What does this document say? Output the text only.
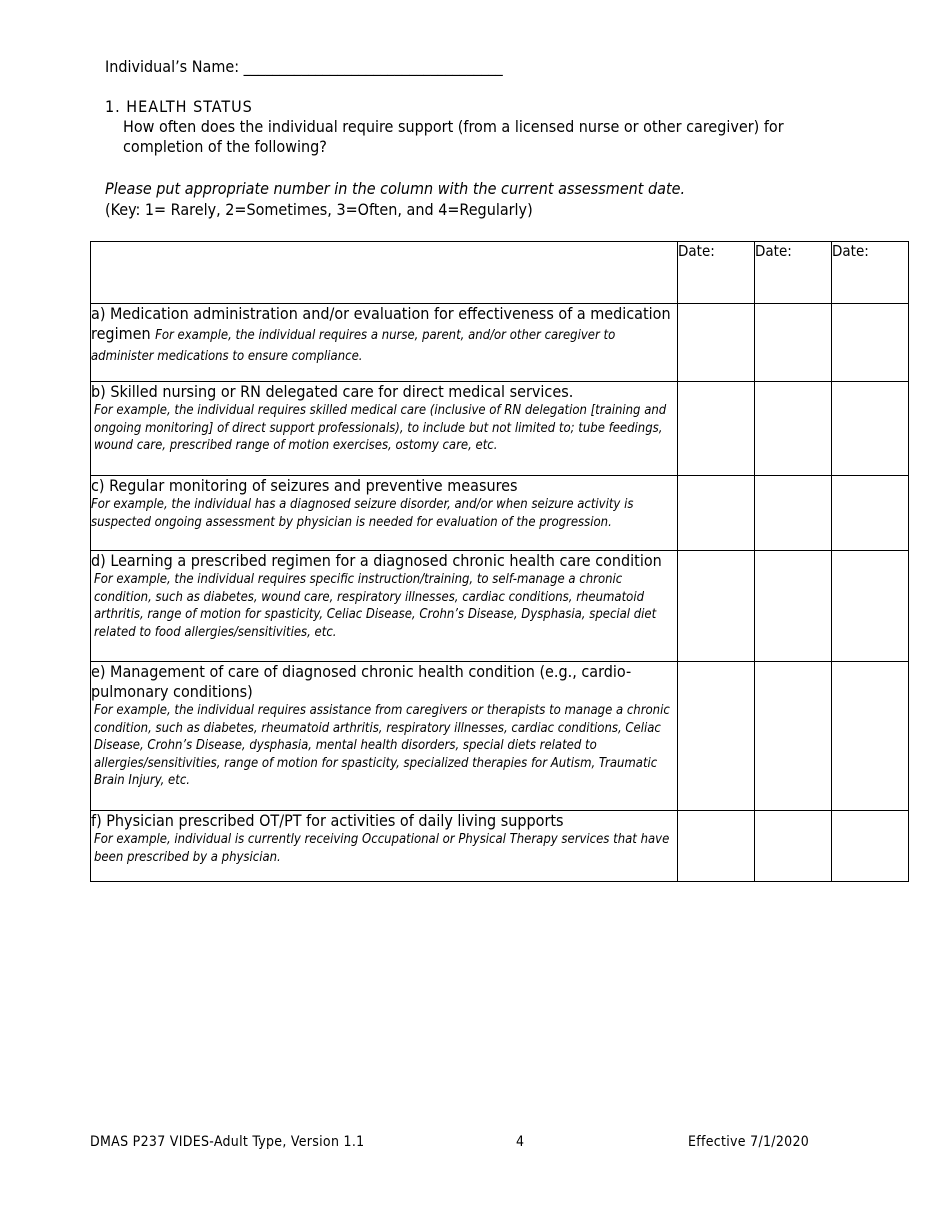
Individual’s Name: ____________________________________
1. HEALTH STATUS
How often does the individual require support (from a licensed nurse or other caregiver) for completion of the following?
Please put appropriate number in the column with the current assessment date.
(Key: 1= Rarely, 2=Sometimes, 3=Often, and 4=Regularly)
	Date:	Date:	Date:

a) Medication administration and/or evaluation for effectiveness of a medication regimen For example, the individual requires a nurse, parent, and/or other caregiver to administer medications to ensure compliance.			

b) Skilled nursing or RN delegated care for direct medical services.
For example, the individual requires skilled medical care (inclusive of RN delegation [training and ongoing monitoring] of direct support professionals), to include but not limited to; tube feedings, wound care, prescribed range of motion exercises, ostomy care, etc.			

c) Regular monitoring of seizures and preventive measures
For example, the individual has a diagnosed seizure disorder, and/or when seizure activity is suspected ongoing assessment by physician is needed for evaluation of the progression.			

d) Learning a prescribed regimen for a diagnosed chronic health care condition
For example, the individual requires specific instruction/training, to self-manage a chronic condition, such as diabetes, wound care, respiratory illnesses, cardiac conditions, rheumatoid arthritis, range of motion for spasticity, Celiac Disease, Crohn’s Disease, Dysphasia, special diet related to food allergies/sensitivities, etc.			

e) Management of care of diagnosed chronic health condition (e.g., cardio-pulmonary conditions)
For example, the individual requires assistance from caregivers or therapists to manage a chronic condition, such as diabetes, rheumatoid arthritis, respiratory illnesses, cardiac conditions, Celiac Disease, Crohn’s Disease, dysphasia, mental health disorders, special diets related to allergies/sensitivities, range of motion for spasticity, specialized therapies for Autism, Traumatic Brain Injury, etc.			

f) Physician prescribed OT/PT for activities of daily living supports
For example, individual is currently receiving Occupational or Physical Therapy services that have been prescribed by a physician.			

DMAS P237 VIDES-Adult Type, Version 1.1	4	Effective 7/1/2020
